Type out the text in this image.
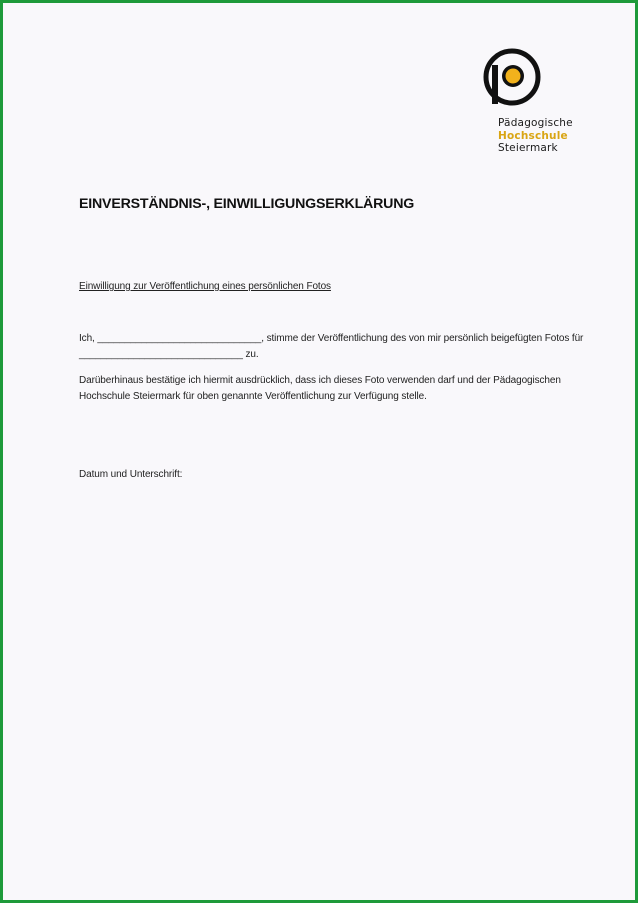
Pädagogische
Hochschule
Steiermark
EINVERSTÄNDNIS-, EINWILLIGUNGSERKLÄRUNG
Einwilligung zur Veröffentlichung eines persönlichen Fotos
Ich, ______________________________, stimme der Veröffentlichung des von mir persönlich beigefügten Fotos für
______________________________ zu.
Darüberhinaus bestätige ich hiermit ausdrücklich, dass ich dieses Foto verwenden darf und der Pädagogischen
Hochschule Steiermark für oben genannte Veröffentlichung zur Verfügung stelle.
Datum und Unterschrift:
